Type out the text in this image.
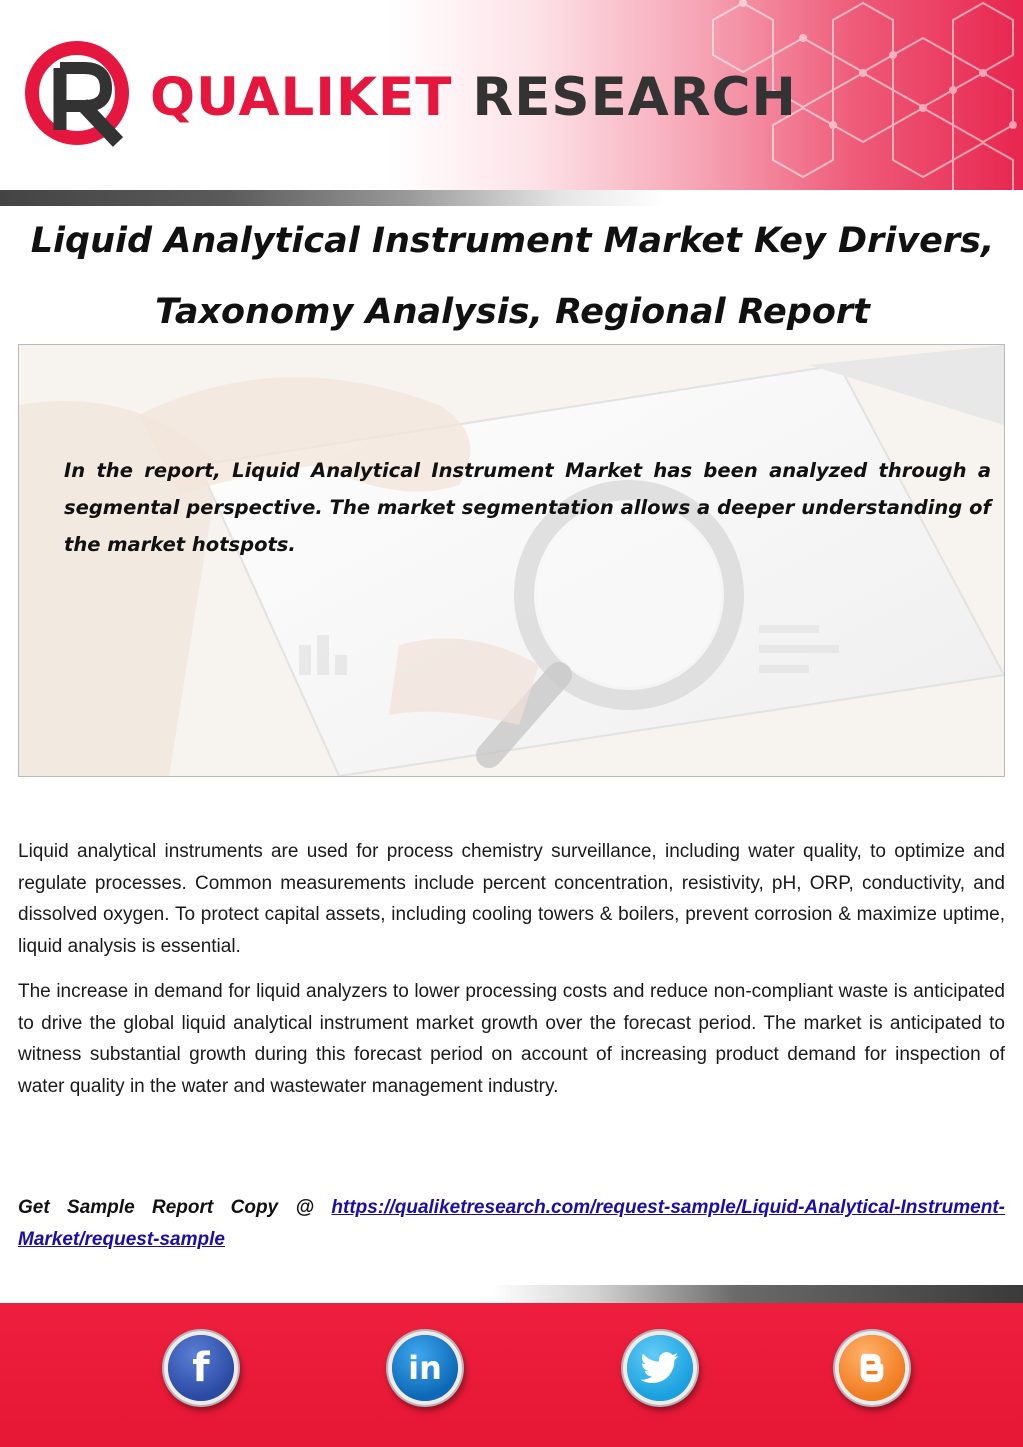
QUALIKET RESEARCH
Liquid Analytical Instrument Market Key Drivers, Taxonomy Analysis, Regional Report

In the report, Liquid Analytical Instrument Market has been analyzed through a segmental perspective. The market segmentation allows a deeper understanding of the market hotspots.

Liquid analytical instruments are used for process chemistry surveillance, including water quality, to optimize and regulate processes. Common measurements include percent concentration, resistivity, pH, ORP, conductivity, and dissolved oxygen. To protect capital assets, including cooling towers & boilers, prevent corrosion & maximize uptime, liquid analysis is essential.

The increase in demand for liquid analyzers to lower processing costs and reduce non-compliant waste is anticipated to drive the global liquid analytical instrument market growth over the forecast period. The market is anticipated to witness substantial growth during this forecast period on account of increasing product demand for inspection of water quality in the water and wastewater management industry.

Get Sample Report Copy @ https://qualiketresearch.com/request-sample/Liquid-Analytical-Instrument-Market/request-sample

f	in
